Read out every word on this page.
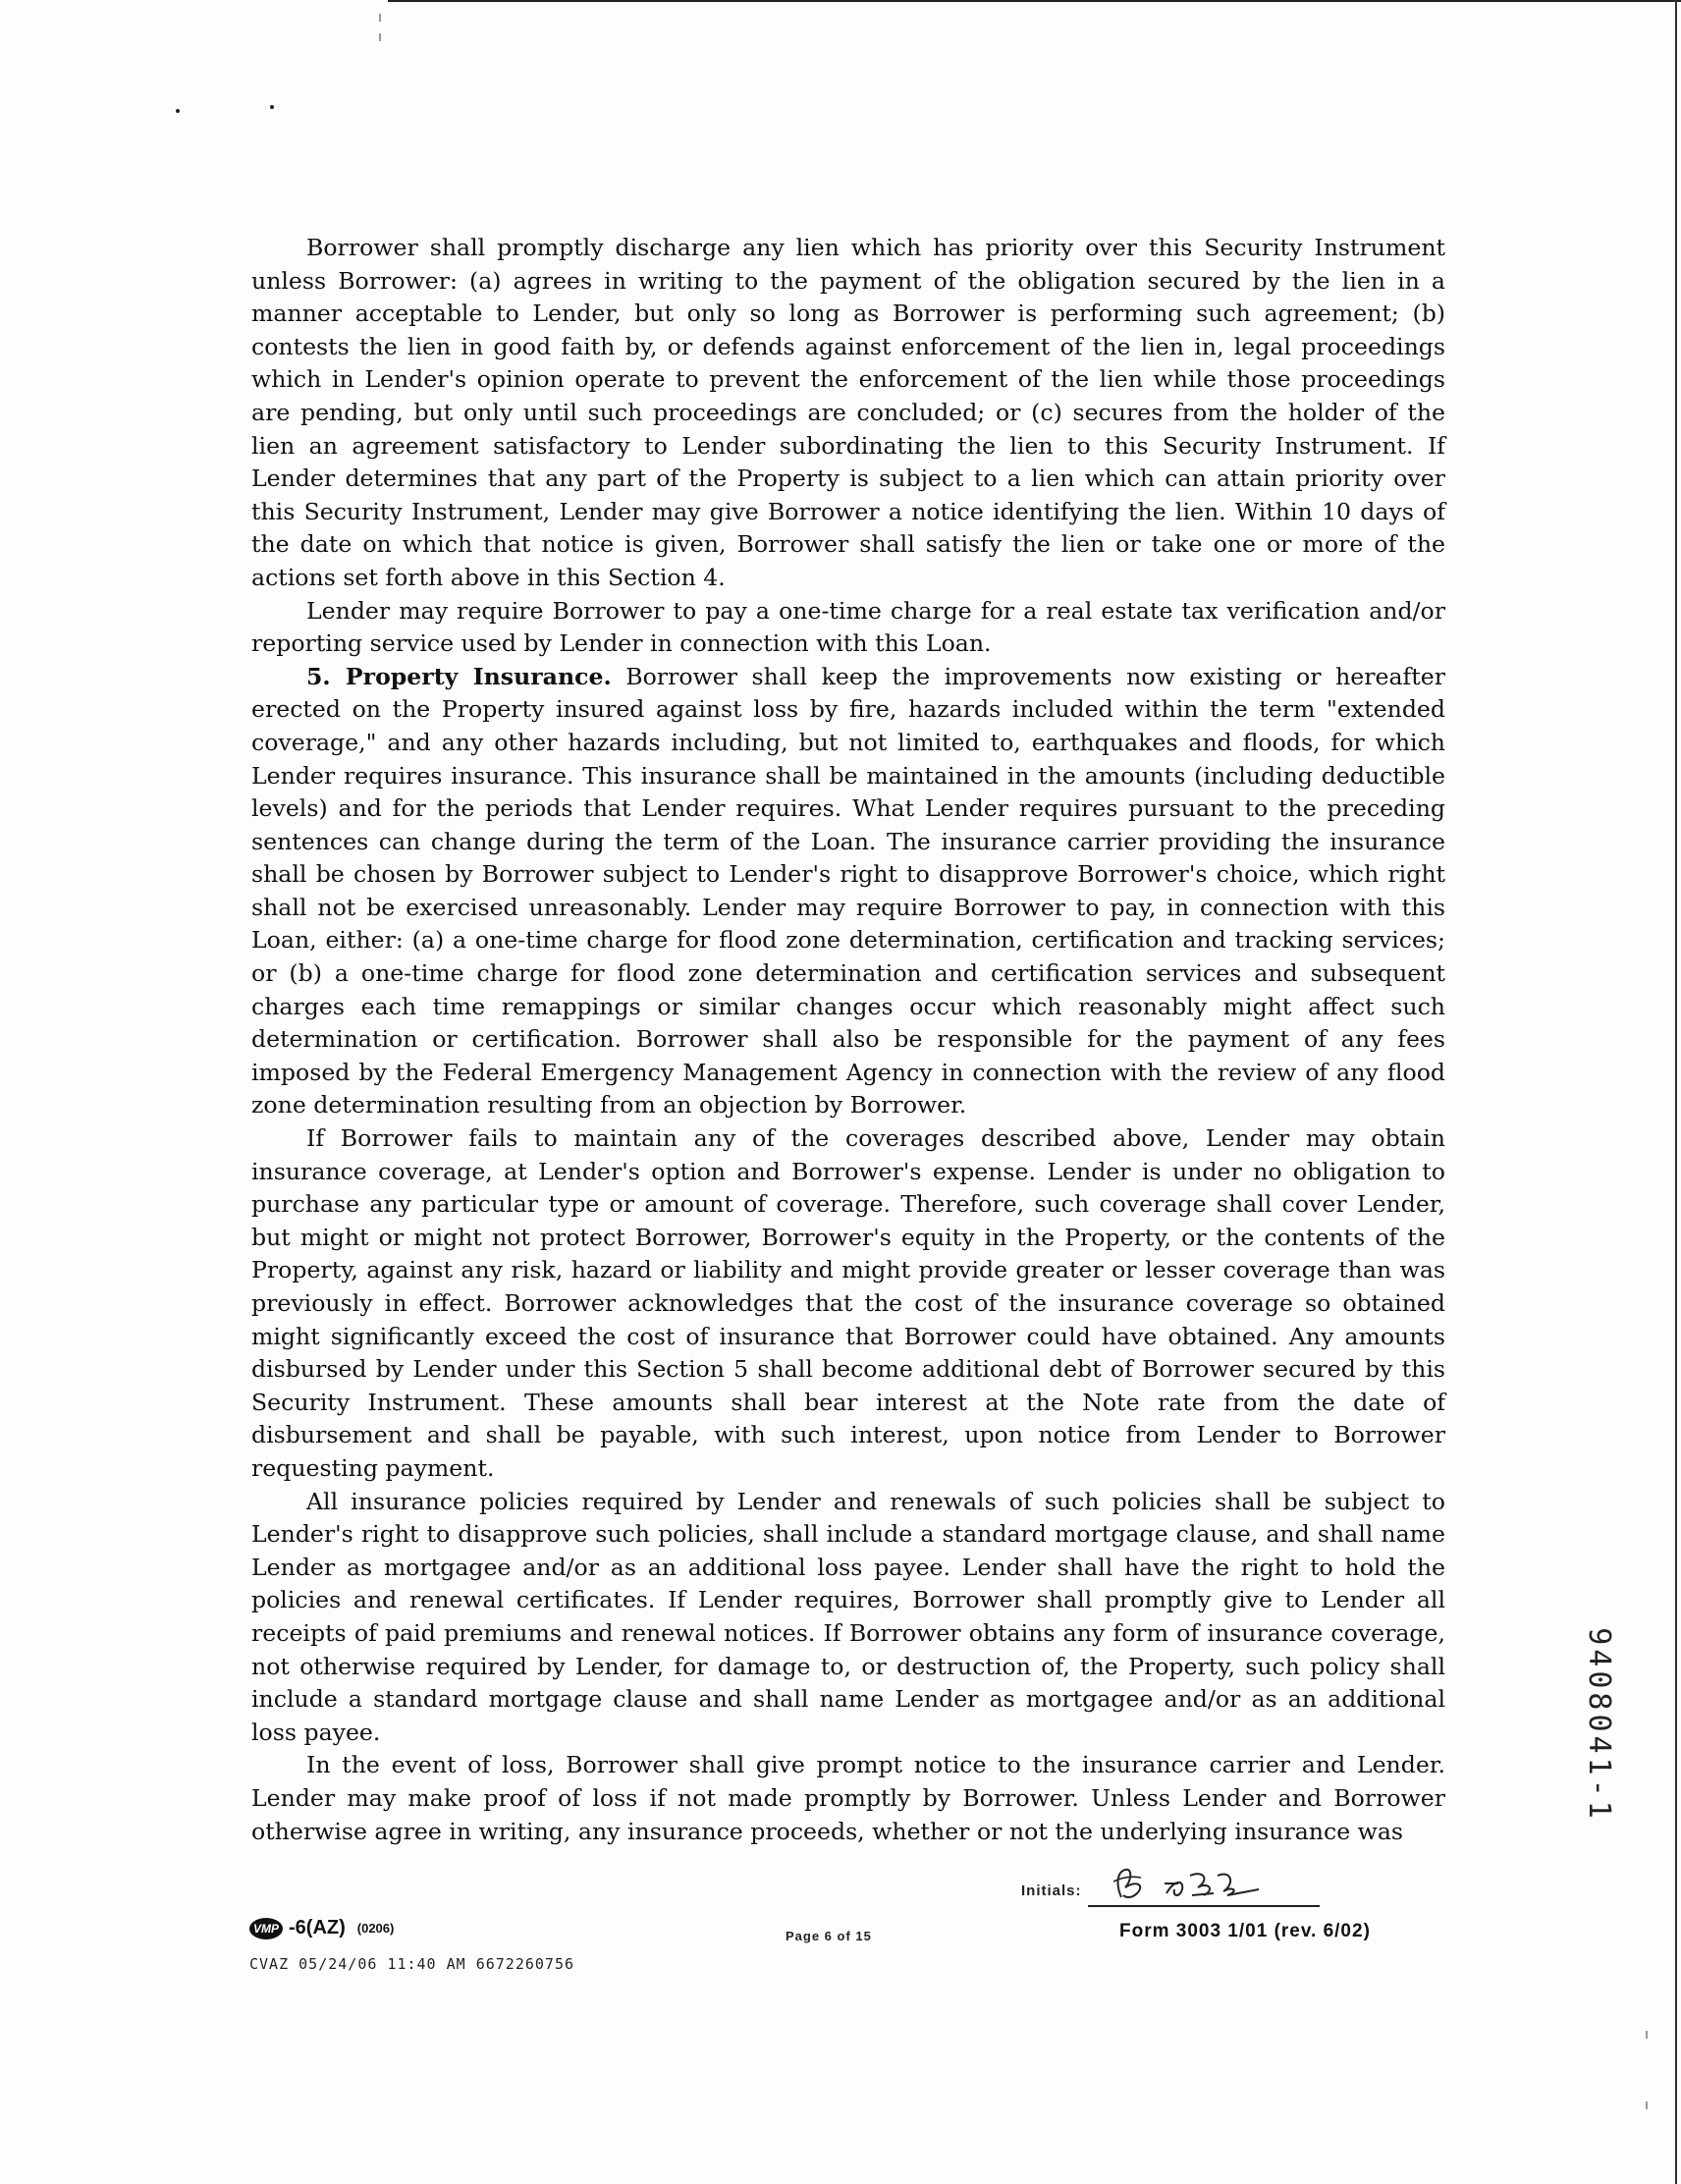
Borrower shall promptly discharge any lien which has priority over this Security Instrument unless Borrower: (a) agrees in writing to the payment of the obligation secured by the lien in a manner acceptable to Lender, but only so long as Borrower is performing such agreement; (b) contests the lien in good faith by, or defends against enforcement of the lien in, legal proceedings which in Lender's opinion operate to prevent the enforcement of the lien while those proceedings are pending, but only until such proceedings are concluded; or (c) secures from the holder of the lien an agreement satisfactory to Lender subordinating the lien to this Security Instrument. If Lender determines that any part of the Property is subject to a lien which can attain priority over this Security Instrument, Lender may give Borrower a notice identifying the lien. Within 10 days of the date on which that notice is given, Borrower shall satisfy the lien or take one or more of the actions set forth above in this Section 4.

Lender may require Borrower to pay a one-time charge for a real estate tax verification and/or reporting service used by Lender in connection with this Loan.

5. Property Insurance. Borrower shall keep the improvements now existing or hereafter erected on the Property insured against loss by fire, hazards included within the term "extended coverage," and any other hazards including, but not limited to, earthquakes and floods, for which Lender requires insurance. This insurance shall be maintained in the amounts (including deductible levels) and for the periods that Lender requires. What Lender requires pursuant to the preceding sentences can change during the term of the Loan. The insurance carrier providing the insurance shall be chosen by Borrower subject to Lender's right to disapprove Borrower's choice, which right shall not be exercised unreasonably. Lender may require Borrower to pay, in connection with this Loan, either: (a) a one-time charge for flood zone determination, certification and tracking services; or (b) a one-time charge for flood zone determination and certification services and subsequent charges each time remappings or similar changes occur which reasonably might affect such determination or certification. Borrower shall also be responsible for the payment of any fees imposed by the Federal Emergency Management Agency in connection with the review of any flood zone determination resulting from an objection by Borrower.

If Borrower fails to maintain any of the coverages described above, Lender may obtain insurance coverage, at Lender's option and Borrower's expense. Lender is under no obligation to purchase any particular type or amount of coverage. Therefore, such coverage shall cover Lender, but might or might not protect Borrower, Borrower's equity in the Property, or the contents of the Property, against any risk, hazard or liability and might provide greater or lesser coverage than was previously in effect. Borrower acknowledges that the cost of the insurance coverage so obtained might significantly exceed the cost of insurance that Borrower could have obtained. Any amounts disbursed by Lender under this Section 5 shall become additional debt of Borrower secured by this Security Instrument. These amounts shall bear interest at the Note rate from the date of disbursement and shall be payable, with such interest, upon notice from Lender to Borrower requesting payment.

All insurance policies required by Lender and renewals of such policies shall be subject to Lender's right to disapprove such policies, shall include a standard mortgage clause, and shall name Lender as mortgagee and/or as an additional loss payee. Lender shall have the right to hold the policies and renewal certificates. If Lender requires, Borrower shall promptly give to Lender all receipts of paid premiums and renewal notices. If Borrower obtains any form of insurance coverage, not otherwise required by Lender, for damage to, or destruction of, the Property, such policy shall include a standard mortgage clause and shall name Lender as mortgagee and/or as an additional loss payee.

In the event of loss, Borrower shall give prompt notice to the insurance carrier and Lender. Lender may make proof of loss if not made promptly by Borrower. Unless Lender and Borrower otherwise agree in writing, any insurance proceeds, whether or not the underlying insurance was

9408041-1
Initials:
VMP -6(AZ) (0206)
CVAZ 05/24/06 11:40 AM 6672260756
Page 6 of 15	Form 3003 1/01 (rev. 6/02)
